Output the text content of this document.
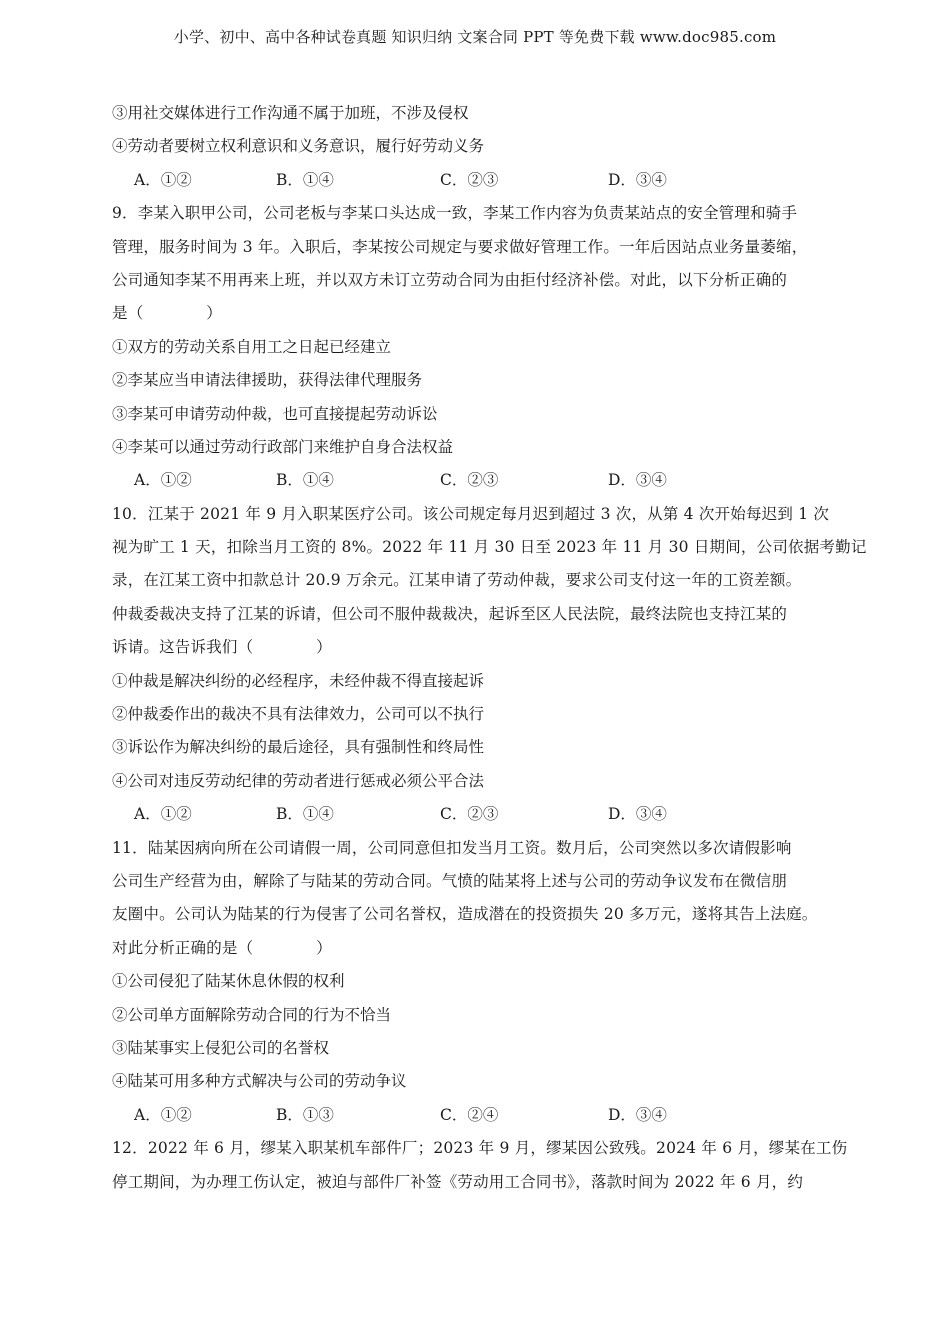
小学、初中、高中各种试卷真题 知识归纳 文案合同 PPT 等免费下载 www.doc985.com
③用社交媒体进行工作沟通不属于加班，不涉及侵权
④劳动者要树立权利意识和义务意识，履行好劳动义务
A．①②	B．①④	C．②③	D．③④
9．李某入职甲公司，公司老板与李某口头达成一致，李某工作内容为负责某站点的安全管理和骑手
管理，服务时间为 3 年。入职后，李某按公司规定与要求做好管理工作。一年后因站点业务量萎缩，
公司通知李某不用再来上班，并以双方未订立劳动合同为由拒付经济补偿。对此，以下分析正确的
是（　　　　）
①双方的劳动关系自用工之日起已经建立
②李某应当申请法律援助，获得法律代理服务
③李某可申请劳动仲裁，也可直接提起劳动诉讼
④李某可以通过劳动行政部门来维护自身合法权益
A．①②	B．①④	C．②③	D．③④
10．江某于 2021 年 9 月入职某医疗公司。该公司规定每月迟到超过 3 次，从第 4 次开始每迟到 1 次
视为旷工 1 天，扣除当月工资的 8%。2022 年 11 月 30 日至 2023 年 11 月 30 日期间，公司依据考勤记
录，在江某工资中扣款总计 20.9 万余元。江某申请了劳动仲裁，要求公司支付这一年的工资差额。
仲裁委裁决支持了江某的诉请，但公司不服仲裁裁决，起诉至区人民法院，最终法院也支持江某的
诉请。这告诉我们（　　　　）
①仲裁是解决纠纷的必经程序，未经仲裁不得直接起诉
②仲裁委作出的裁决不具有法律效力，公司可以不执行
③诉讼作为解决纠纷的最后途径，具有强制性和终局性
④公司对违反劳动纪律的劳动者进行惩戒必须公平合法
A．①②	B．①④	C．②③	D．③④
11．陆某因病向所在公司请假一周，公司同意但扣发当月工资。数月后，公司突然以多次请假影响
公司生产经营为由，解除了与陆某的劳动合同。气愤的陆某将上述与公司的劳动争议发布在微信朋
友圈中。公司认为陆某的行为侵害了公司名誉权，造成潜在的投资损失 20 多万元，遂将其告上法庭。
对此分析正确的是（　　　　）
①公司侵犯了陆某休息休假的权利
②公司单方面解除劳动合同的行为不恰当
③陆某事实上侵犯公司的名誉权
④陆某可用多种方式解决与公司的劳动争议
A．①②	B．①③	C．②④	D．③④
12．2022 年 6 月，缪某入职某机车部件厂；2023 年 9 月，缪某因公致残。2024 年 6 月，缪某在工伤
停工期间，为办理工伤认定，被迫与部件厂补签《劳动用工合同书》，落款时间为 2022 年 6 月，约
